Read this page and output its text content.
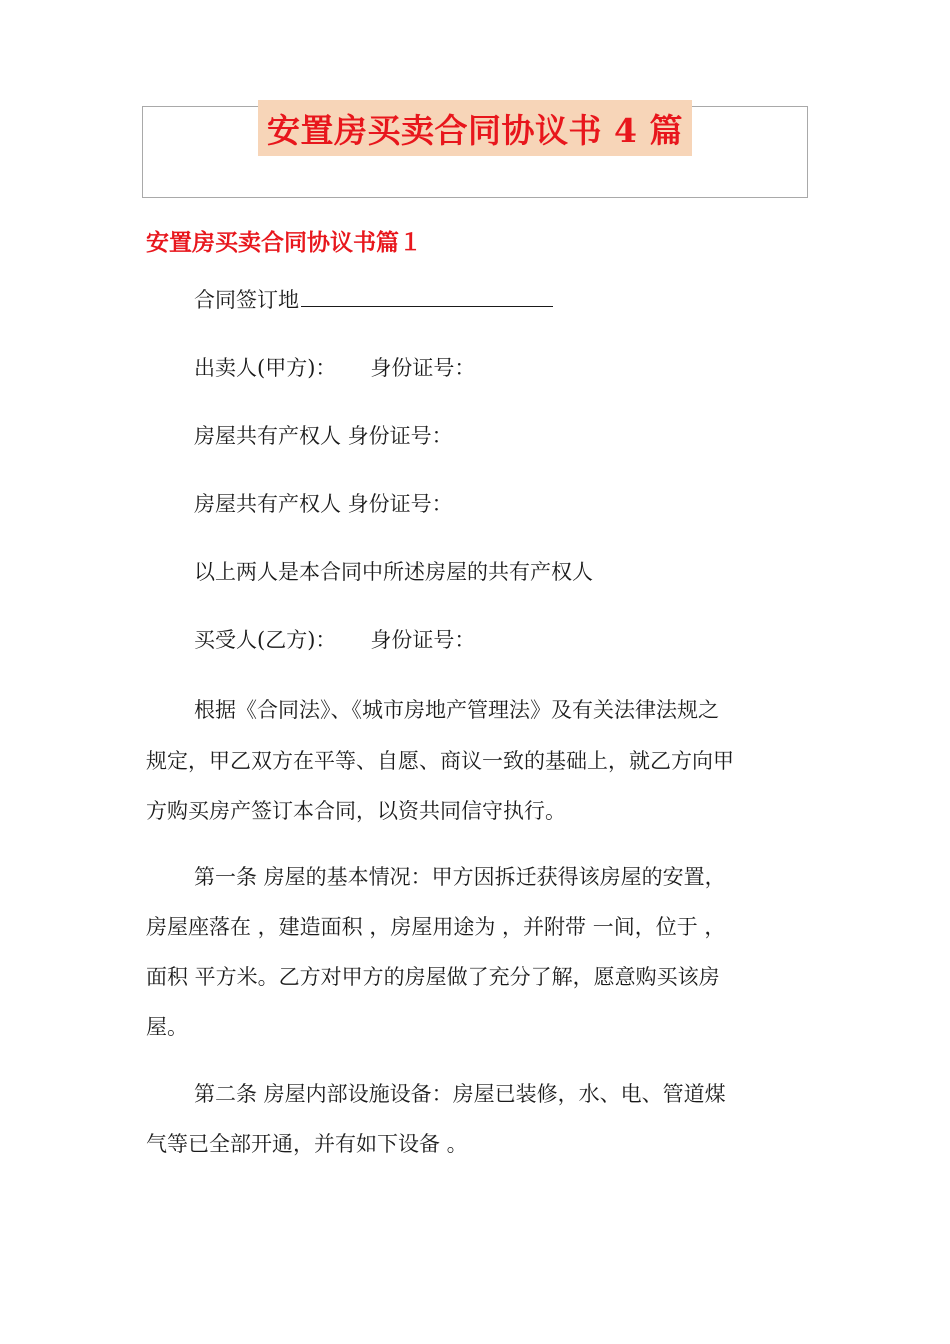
安置房买卖合同协议书 4 篇
安置房买卖合同协议书篇１
合同签订地
出卖人(甲方)： 身份证号：
房屋共有产权人 身份证号：
房屋共有产权人 身份证号：
以上两人是本合同中所述房屋的共有产权人
买受人(乙方)： 身份证号：
根据《合同法》、《城市房地产管理法》及有关法律法规之
规定，甲乙双方在平等、自愿、商议一致的基础上，就乙方向甲
方购买房产签订本合同，以资共同信守执行。
第一条 房屋的基本情况：甲方因拆迁获得该房屋的安置，
房屋座落在 ，建造面积 ，房屋用途为 ，并附带 一间，位于 ，
面积 平方米。乙方对甲方的房屋做了充分了解，愿意购买该房
屋。
第二条 房屋内部设施设备：房屋已装修，水、电、管道煤
气等已全部开通，并有如下设备 。
